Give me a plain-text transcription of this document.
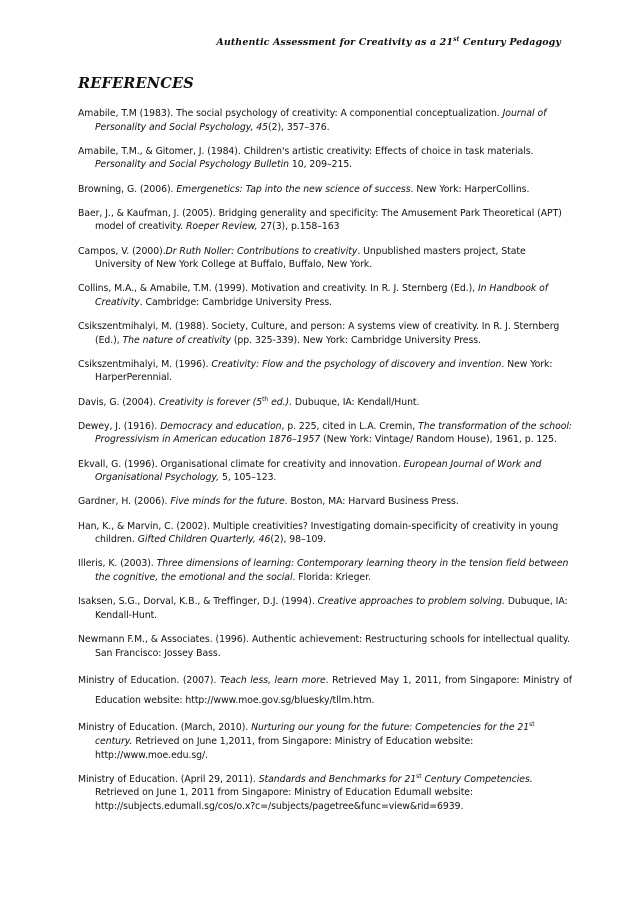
Authentic Assessment for Creativity as a 21st Century Pedagogy
REFERENCES

Amabile, T.M (1983). The social psychology of creativity: A componential conceptualization. Journal of Personality and Social Psychology, 45(2), 357–376.

Amabile, T.M., & Gitomer, J. (1984). Children's artistic creativity: Effects of choice in task materials. Personality and Social Psychology Bulletin 10, 209–215.

Browning, G. (2006). Emergenetics: Tap into the new science of success. New York: HarperCollins.

Baer, J., & Kaufman, J. (2005). Bridging generality and specificity: The Amusement Park Theoretical (APT) model of creativity. Roeper Review, 27(3), p.158–163

Campos, V. (2000).Dr Ruth Noller: Contributions to creativity. Unpublished masters project, State University of New York College at Buffalo, Buffalo, New York.

Collins, M.A., & Amabile, T.M. (1999). Motivation and creativity. In R. J. Sternberg (Ed.), In Handbook of Creativity. Cambridge: Cambridge University Press.

Csikszentmihalyi, M. (1988). Society, Culture, and person: A systems view of creativity. In R. J. Sternberg (Ed.), The nature of creativity (pp. 325-339). New York: Cambridge University Press.

Csikszentmihalyi, M. (1996). Creativity: Flow and the psychology of discovery and invention. New York: HarperPerennial.

Davis, G. (2004). Creativity is forever (5th ed.). Dubuque, IA: Kendall/Hunt.

Dewey, J. (1916). Democracy and education, p. 225, cited in L.A. Cremin, The transformation of the school: Progressivism in American education 1876–1957 (New York: Vintage/ Random House), 1961, p. 125.

Ekvall, G. (1996). Organisational climate for creativity and innovation. European Journal of Work and Organisational Psychology, 5, 105–123.

Gardner, H. (2006). Five minds for the future. Boston, MA: Harvard Business Press.

Han, K., & Marvin, C. (2002). Multiple creativities? Investigating domain-specificity of creativity in young children. Gifted Children Quarterly, 46(2), 98–109.

Illeris, K. (2003). Three dimensions of learning: Contemporary learning theory in the tension field between the cognitive, the emotional and the social. Florida: Krieger.

Isaksen, S.G., Dorval, K.B., & Treffinger, D.J. (1994). Creative approaches to problem solving. Dubuque, IA: Kendall-Hunt.

Newmann F.M., & Associates. (1996). Authentic achievement: Restructuring schools for intellectual quality. San Francisco: Jossey Bass.

Ministry of Education. (2007). Teach less, learn more. Retrieved May 1, 2011, from Singapore: Ministry of Education website: http://www.moe.gov.sg/bluesky/tllm.htm.

Ministry of Education. (March, 2010). Nurturing our young for the future: Competencies for the 21st century. Retrieved on June 1,2011, from Singapore: Ministry of Education website: http://www.moe.edu.sg/.

Ministry of Education. (April 29, 2011). Standards and Benchmarks for 21st Century Competencies. Retrieved on June 1, 2011 from Singapore: Ministry of Education Edumall website: http://subjects.edumall.sg/cos/o.x?c=/subjects/pagetree&func=view&rid=6939.
